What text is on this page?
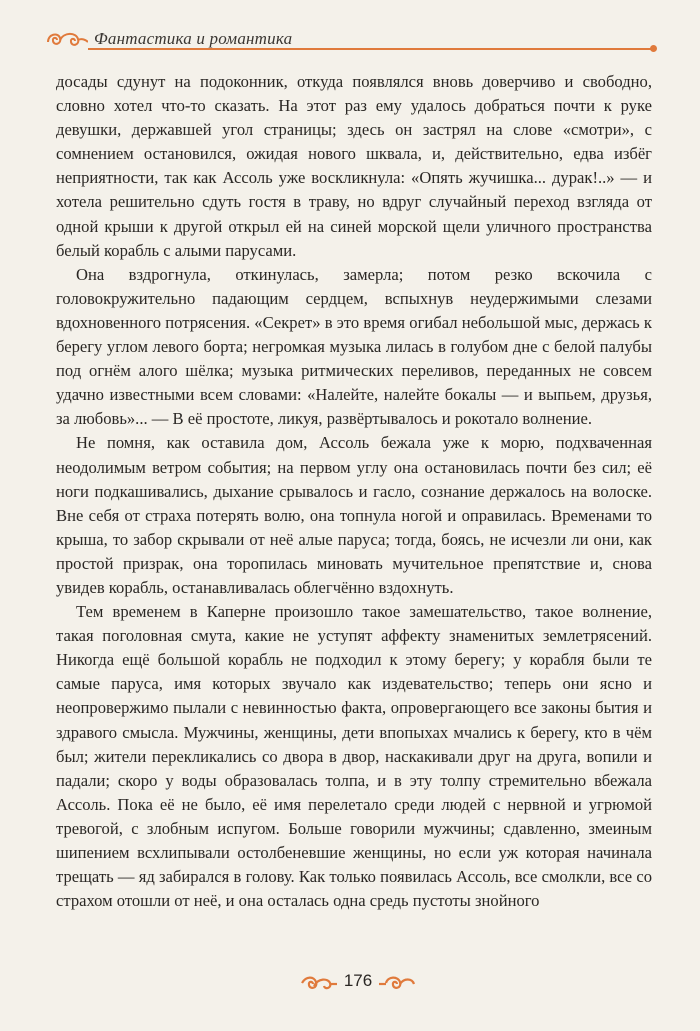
Фантастика и романтика

досады сдунут на подоконник, откуда появлялся вновь доверчиво и свободно, словно хотел что-то сказать. На этот раз ему удалось добраться почти к руке девушки, державшей угол страницы; здесь он застрял на слове «смотри», с сомнением остановился, ожидая нового шквала, и, действительно, едва избёг неприятности, так как Ассоль уже воскликнула: «Опять жучишка... дурак!..» — и хотела решительно сдуть гостя в траву, но вдруг случайный переход взгляда от одной крыши к другой открыл ей на синей морской щели уличного пространства белый корабль с алыми парусами.

Она вздрогнула, откинулась, замерла; потом резко вскочила с головокружительно падающим сердцем, вспыхнув неудержимыми слезами вдохновенного потрясения. «Секрет» в это время огибал небольшой мыс, держась к берегу углом левого борта; негромкая музыка лилась в голубом дне с белой палубы под огнём алого шёлка; музыка ритмических переливов, переданных не совсем удачно известными всем словами: «Налейте, налейте бокалы — и выпьем, друзья, за любовь»... — В её простоте, ликуя, развёртывалось и рокотало волнение.

Не помня, как оставила дом, Ассоль бежала уже к морю, подхваченная неодолимым ветром события; на первом углу она остановилась почти без сил; её ноги подкашивались, дыхание срывалось и гасло, сознание держалось на волоске. Вне себя от страха потерять волю, она топнула ногой и оправилась. Временами то крыша, то забор скрывали от неё алые паруса; тогда, боясь, не исчезли ли они, как простой призрак, она торопилась миновать мучительное препятствие и, снова увидев корабль, останавливалась облегчённо вздохнуть.

Тем временем в Каперне произошло такое замешательство, такое волнение, такая поголовная смута, какие не уступят аффекту знаменитых землетрясений. Никогда ещё большой корабль не подходил к этому берегу; у корабля были те самые паруса, имя которых звучало как издевательство; теперь они ясно и неопровержимо пылали с невинностью факта, опровергающего все законы бытия и здравого смысла. Мужчины, женщины, дети впопыхах мчались к берегу, кто в чём был; жители перекликались со двора в двор, наскакивали друг на друга, вопили и падали; скоро у воды образовалась толпа, и в эту толпу стремительно вбежала Ассоль. Пока её не было, её имя перелетало среди людей с нервной и угрюмой тревогой, с злобным испугом. Больше говорили мужчины; сдавленно, змеиным шипением всхлипывали остолбеневшие женщины, но если уж которая начинала трещать — яд забирался в голову. Как только появилась Ассоль, все смолкли, все со страхом отошли от неё, и она осталась одна средь пустоты знойного

176
